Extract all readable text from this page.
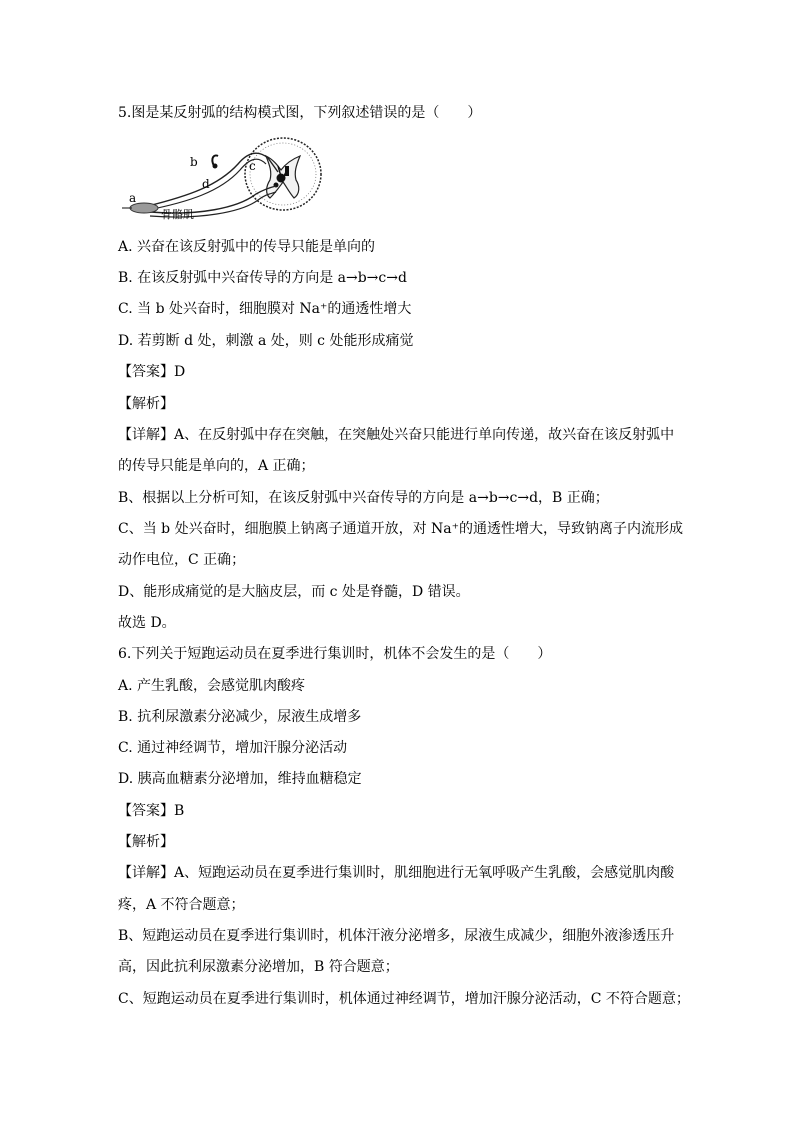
5.图是某反射弧的结构模式图，下列叙述错误的是（　　）
a
b	c
d
骨骼肌
A. 兴奋在该反射弧中的传导只能是单向的
B. 在该反射弧中兴奋传导的方向是 a→b→c→d
C. 当 b 处兴奋时，细胞膜对 Na⁺的通透性增大
D. 若剪断 d 处，刺激 a 处，则 c 处能形成痛觉
【答案】D
【解析】
【详解】A、在反射弧中存在突触，在突触处兴奋只能进行单向传递，故兴奋在该反射弧中
的传导只能是单向的，A 正确；
B、根据以上分析可知，在该反射弧中兴奋传导的方向是 a→b→c→d，B 正确；
C、当 b 处兴奋时，细胞膜上钠离子通道开放，对 Na⁺的通透性增大，导致钠离子内流形成
动作电位，C 正确；
D、能形成痛觉的是大脑皮层，而 c 处是脊髓，D 错误。
故选 D。
6.下列关于短跑运动员在夏季进行集训时，机体不会发生的是（　　）
A. 产生乳酸，会感觉肌肉酸疼
B. 抗利尿激素分泌减少，尿液生成增多
C. 通过神经调节，增加汗腺分泌活动
D. 胰高血糖素分泌增加，维持血糖稳定
【答案】B
【解析】
【详解】A、短跑运动员在夏季进行集训时，肌细胞进行无氧呼吸产生乳酸，会感觉肌肉酸
疼，A 不符合题意；
B、短跑运动员在夏季进行集训时，机体汗液分泌增多，尿液生成减少，细胞外液渗透压升
高，因此抗利尿激素分泌增加，B 符合题意；
C、短跑运动员在夏季进行集训时，机体通过神经调节，增加汗腺分泌活动，C 不符合题意；
